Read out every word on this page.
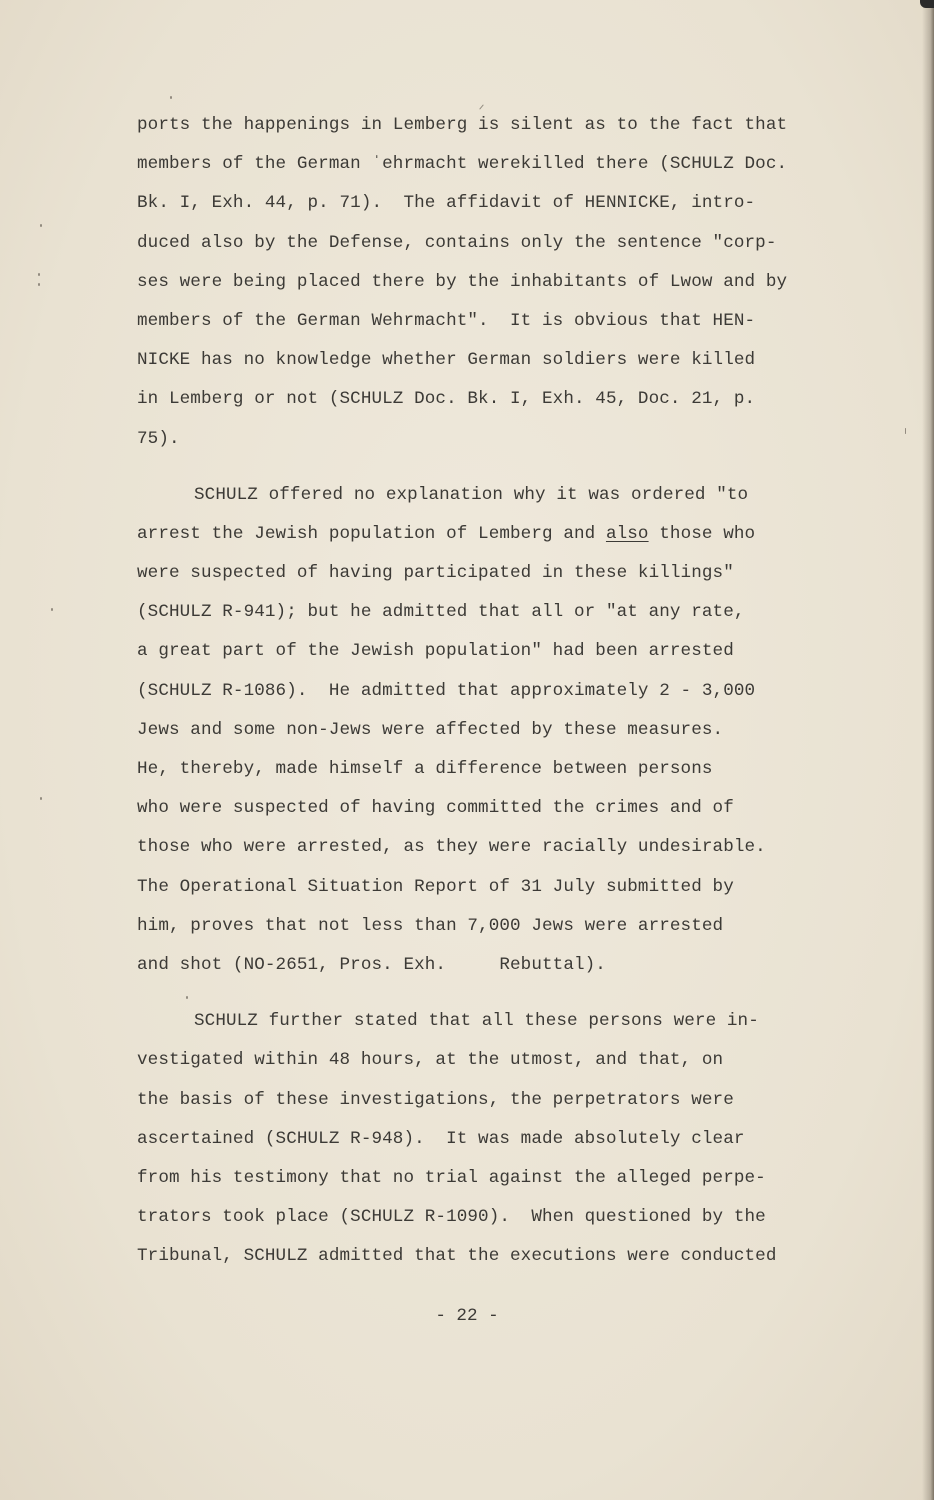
ports the happenings in Lemberg is silent as to the fact that
members of the German ˈehrmacht werekilled there (SCHULZ Doc.
Bk. I, Exh. 44, p. 71).  The affidavit of HENNICKE, intro-
duced also by the Defense, contains only the sentence "corp-
ses were being placed there by the inhabitants of Lwow and by
members of the German Wehrmacht".  It is obvious that HEN-
NICKE has no knowledge whether German soldiers were killed
in Lemberg or not (SCHULZ Doc. Bk. I, Exh. 45, Doc. 21, p.
75).
SCHULZ offered no explanation why it was ordered "to
arrest the Jewish population of Lemberg and also those who
were suspected of having participated in these killings"
(SCHULZ R-941); but he admitted that all or "at any rate,
a great part of the Jewish population" had been arrested
(SCHULZ R-1086).  He admitted that approximately 2 - 3,000
Jews and some non-Jews were affected by these measures.
He, thereby, made himself a difference between persons
who were suspected of having committed the crimes and of
those who were arrested, as they were racially undesirable.
The Operational Situation Report of 31 July submitted by
him, proves that not less than 7,000 Jews were arrested
and shot (NO-2651, Pros. Exh.     Rebuttal).
SCHULZ further stated that all these persons were in-
vestigated within 48 hours, at the utmost, and that, on
the basis of these investigations, the perpetrators were
ascertained (SCHULZ R-948).  It was made absolutely clear
from his testimony that no trial against the alleged perpe-
trators took place (SCHULZ R-1090).  When questioned by the
Tribunal, SCHULZ admitted that the executions were conducted
- 22 -
